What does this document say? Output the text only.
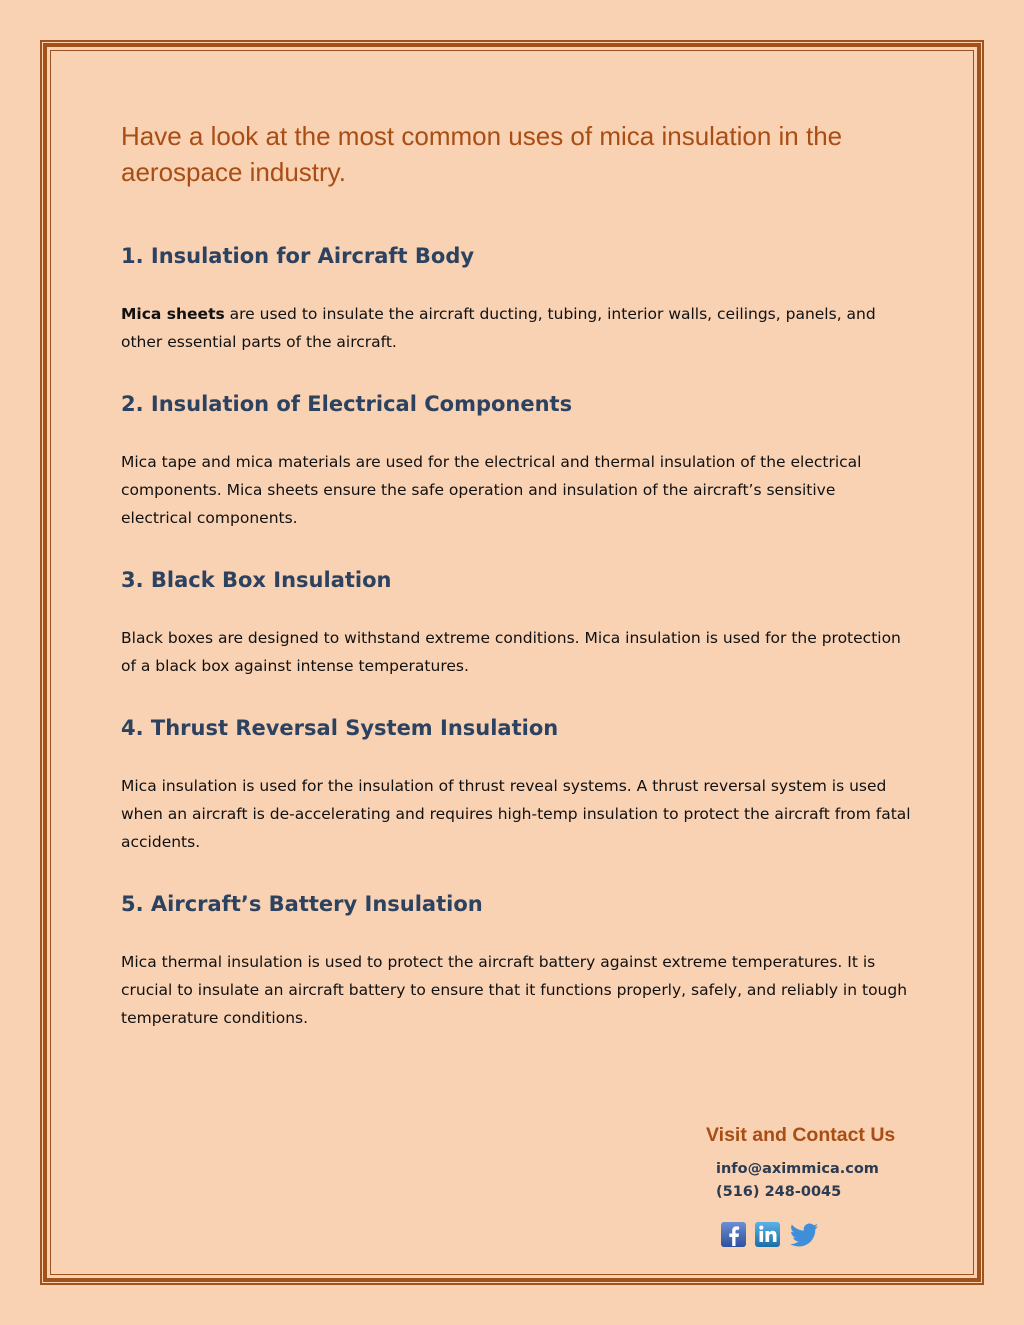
Have a look at the most common uses of mica insulation in the aerospace industry.

1. Insulation for Aircraft Body

Mica sheets are used to insulate the aircraft ducting, tubing, interior walls, ceilings, panels, and other essential parts of the aircraft.

2. Insulation of Electrical Components

Mica tape and mica materials are used for the electrical and thermal insulation of the electrical components. Mica sheets ensure the safe operation and insulation of the aircraft’s sensitive electrical components.

3. Black Box Insulation

Black boxes are designed to withstand extreme conditions. Mica insulation is used for the protection of a black box against intense temperatures.

4. Thrust Reversal System Insulation

Mica insulation is used for the insulation of thrust reveal systems. A thrust reversal system is used when an aircraft is de-accelerating and requires high-temp insulation to protect the aircraft from fatal accidents.

5. Aircraft’s Battery Insulation

Mica thermal insulation is used to protect the aircraft battery against extreme temperatures. It is crucial to insulate an aircraft battery to ensure that it functions properly, safely, and reliably in tough temperature conditions.

Visit and Contact Us
info@aximmica.com
(516) 248-0045
